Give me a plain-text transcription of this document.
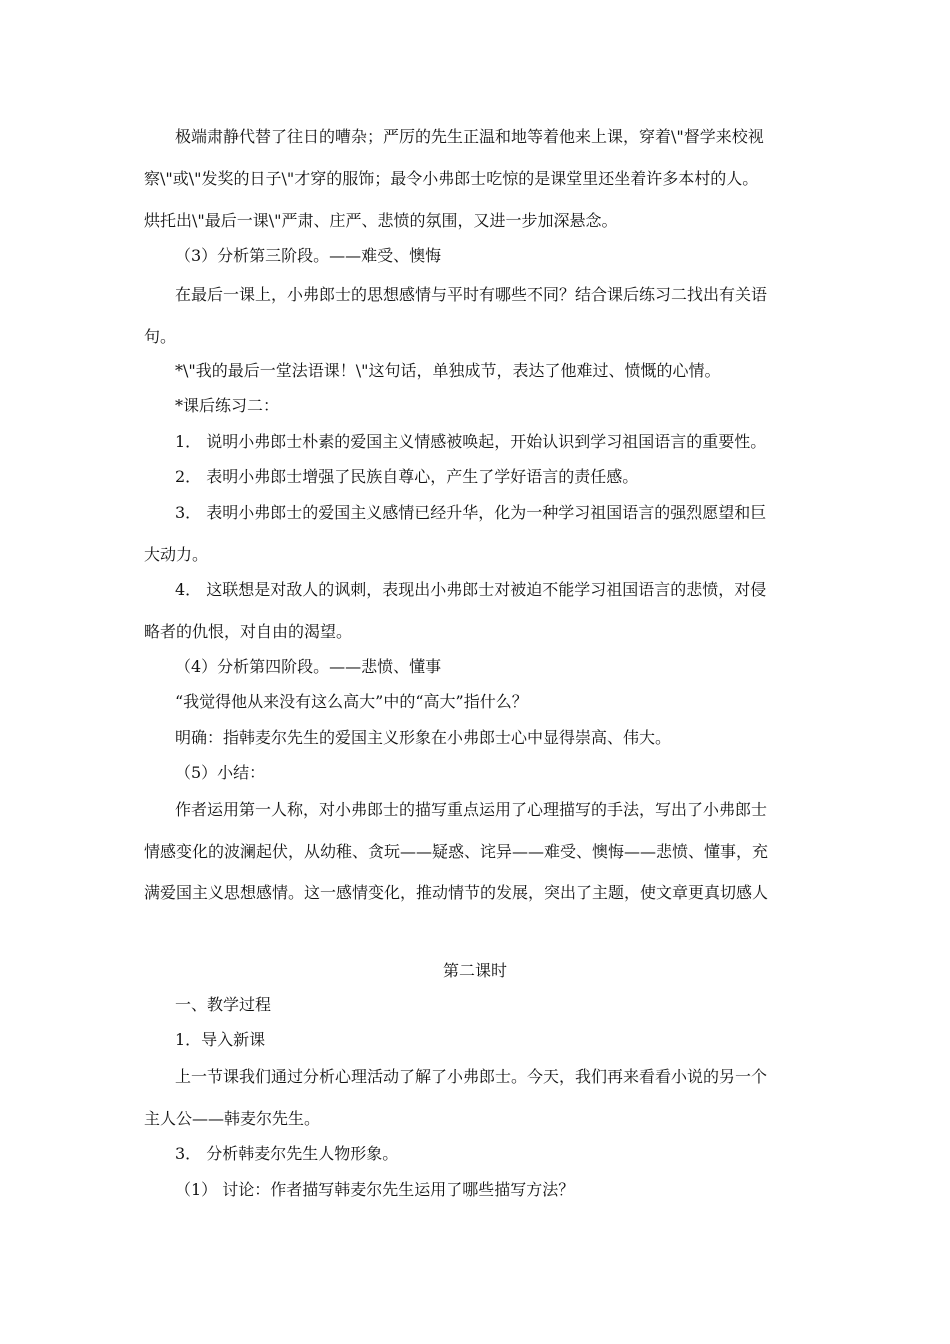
极端肃静代替了往日的嘈杂；严厉的先生正温和地等着他来上课，穿着\"督学来校视
察\"或\"发奖的日子\"才穿的服饰；最令小弗郎士吃惊的是课堂里还坐着许多本村的人。
烘托出\"最后一课\"严肃、庄严、悲愤的氛围，又进一步加深悬念。
（3）分析第三阶段。——难受、懊悔
在最后一课上，小弗郎士的思想感情与平时有哪些不同？结合课后练习二找出有关语
句。
*\"我的最后一堂法语课！\"这句话，单独成节，表达了他难过、愤慨的心情。
*课后练习二：
1． 说明小弗郎士朴素的爱国主义情感被唤起，开始认识到学习祖国语言的重要性。
2． 表明小弗郎士增强了民族自尊心，产生了学好语言的责任感。
3． 表明小弗郎士的爱国主义感情已经升华，化为一种学习祖国语言的强烈愿望和巨
大动力。
4． 这联想是对敌人的讽刺，表现出小弗郎士对被迫不能学习祖国语言的悲愤，对侵
略者的仇恨，对自由的渴望。
（4）分析第四阶段。——悲愤、懂事
“我觉得他从来没有这么高大”中的“高大”指什么？
明确：指韩麦尔先生的爱国主义形象在小弗郎士心中显得崇高、伟大。
（5）小结：
作者运用第一人称，对小弗郎士的描写重点运用了心理描写的手法，写出了小弗郎士
情感变化的波澜起伏，从幼稚、贪玩——疑惑、诧异——难受、懊悔——悲愤、懂事，充
满爱国主义思想感情。这一感情变化，推动情节的发展，突出了主题，使文章更真切感人
第二课时
一、教学过程
1．导入新课
上一节课我们通过分析心理活动了解了小弗郎士。今天，我们再来看看小说的另一个
主人公——韩麦尔先生。
3． 分析韩麦尔先生人物形象。
（1） 讨论：作者描写韩麦尔先生运用了哪些描写方法？
